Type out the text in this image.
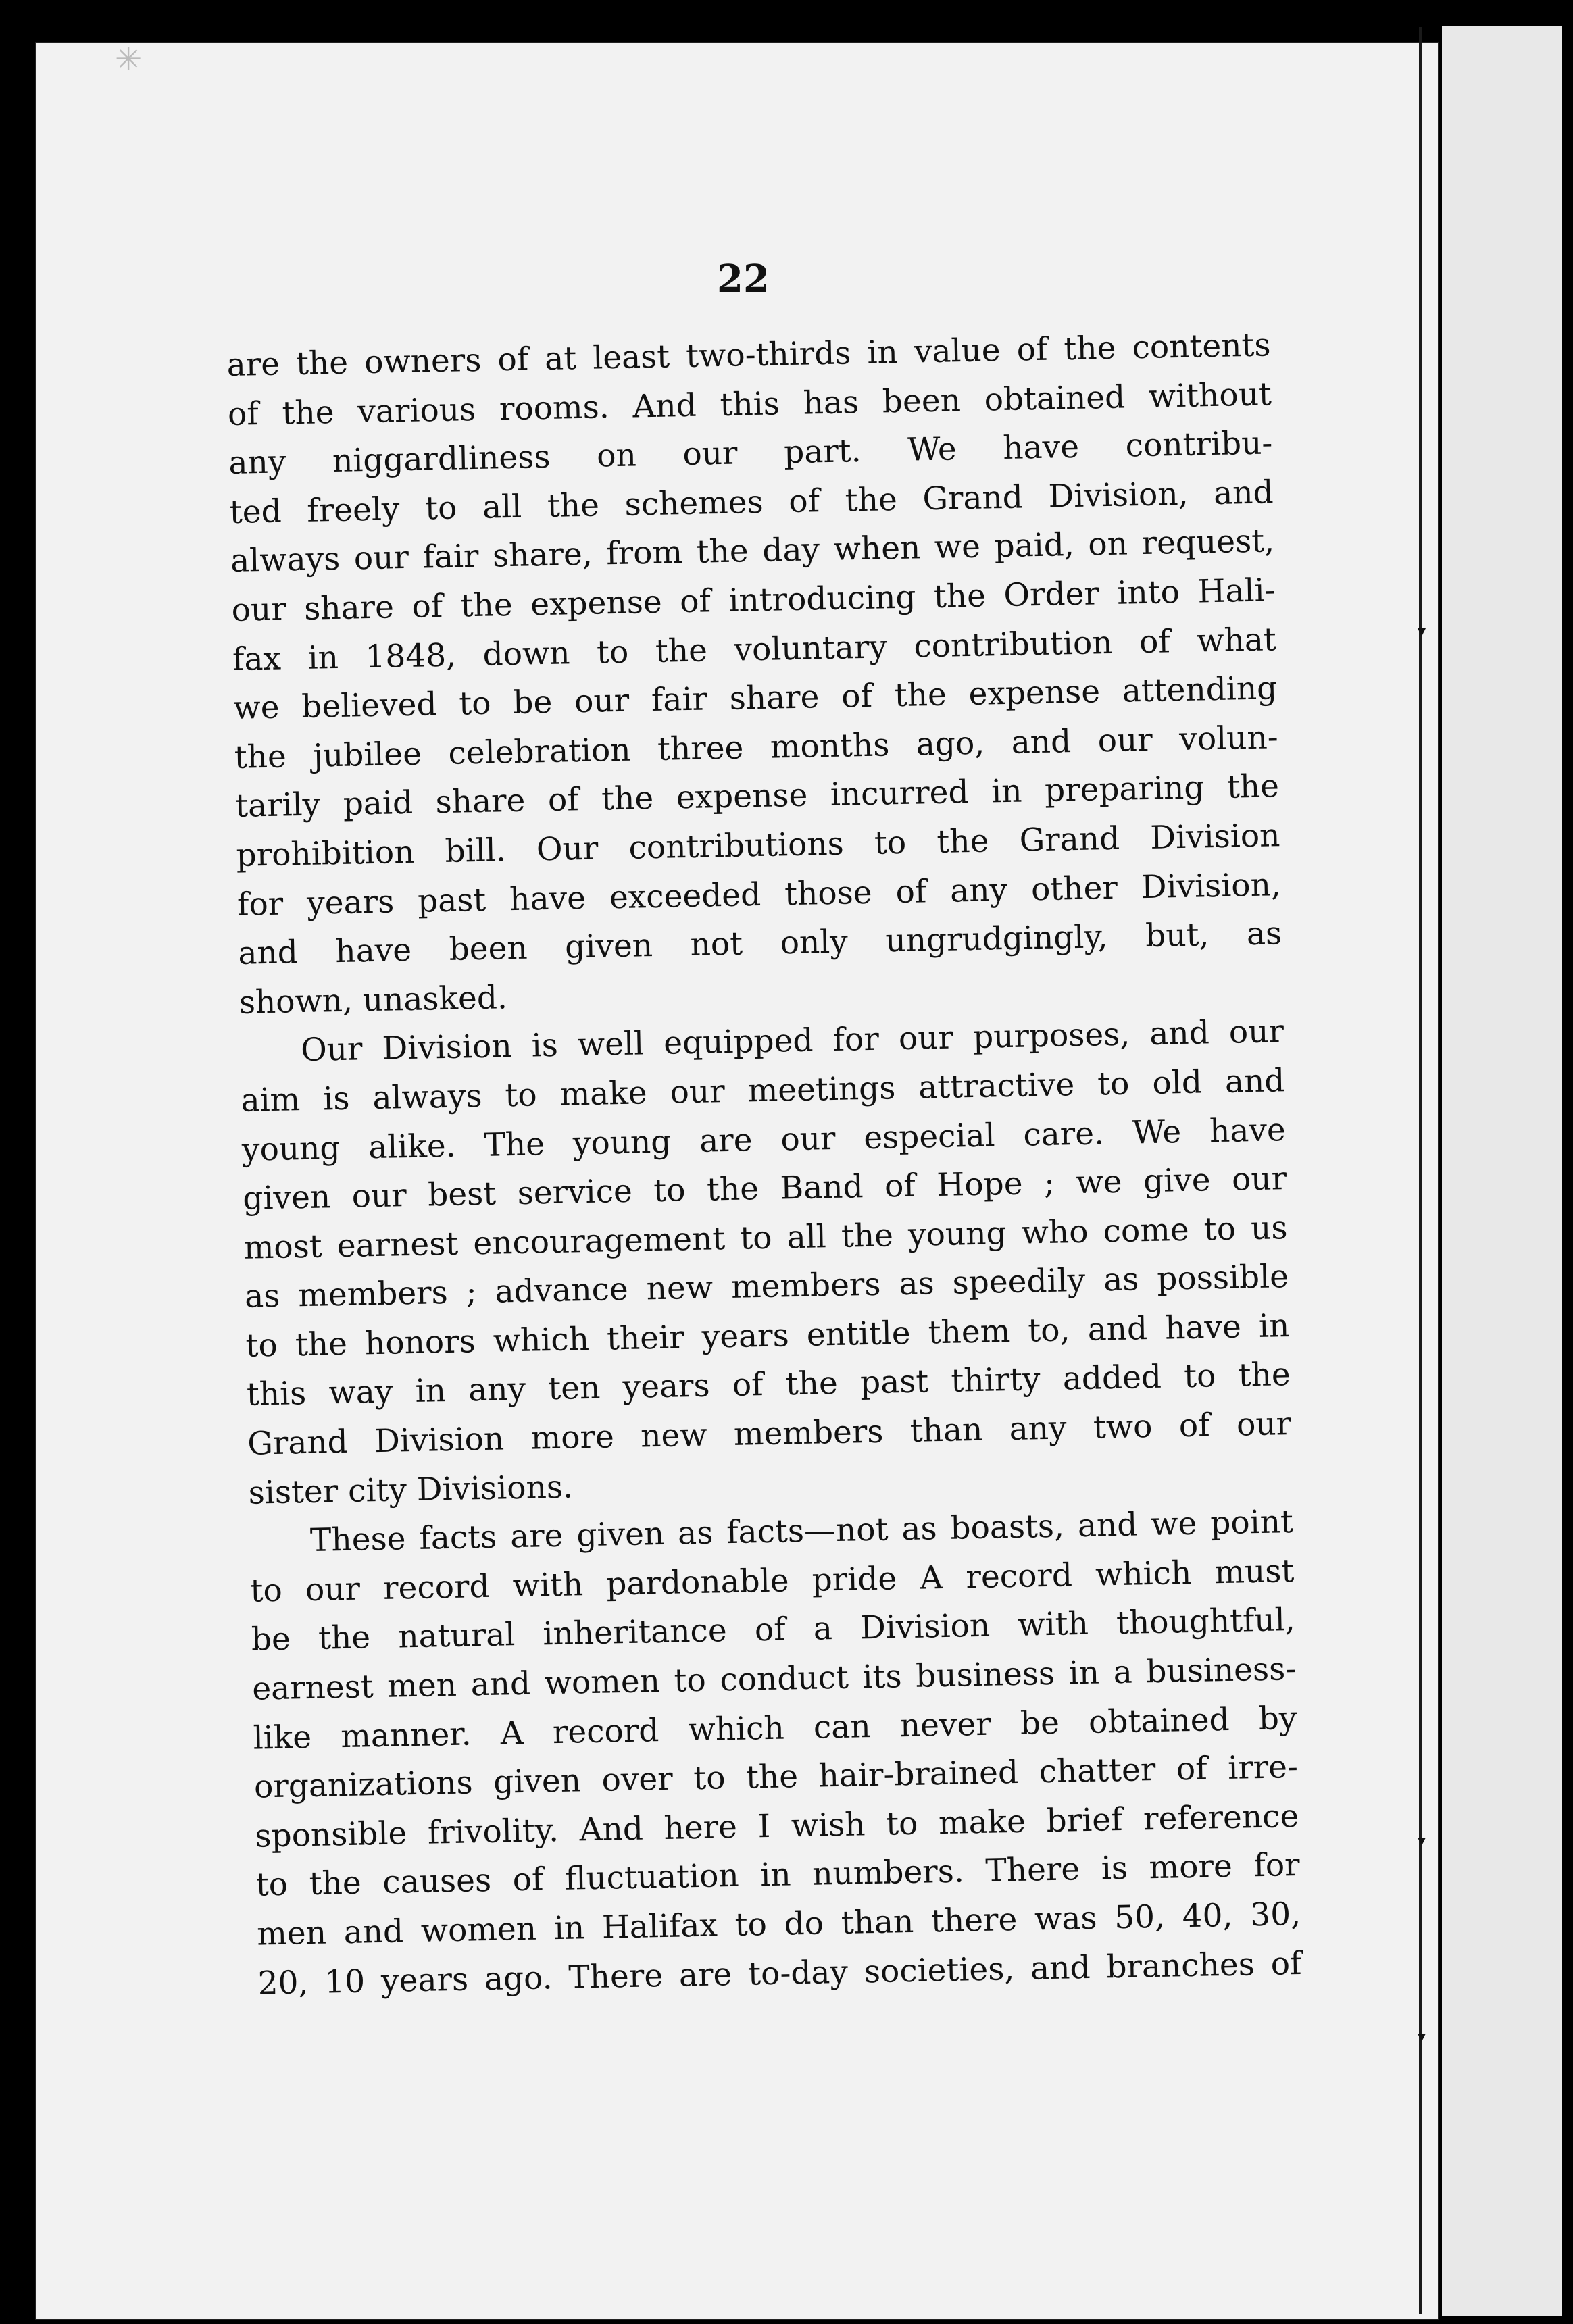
✳
22
are the owners of at least two-thirds in value of the contents
of the various rooms. And this has been obtained without
any niggardliness on our part. We have contribu-
ted freely to all the schemes of the Grand Division, and
always our fair share, from the day when we paid, on request,
our share of the expense of introducing the Order into Hali-
fax in 1848, down to the voluntary contribution of what
we believed to be our fair share of the expense attending
the jubilee celebration three months ago, and our volun-
tarily paid share of the expense incurred in preparing the
prohibition bill. Our contributions to the Grand Division
for years past have exceeded those of any other Division,
and have been given not only ungrudgingly, but, as
shown, unasked.
Our Division is well equipped for our purposes, and our
aim is always to make our meetings attractive to old and
young alike. The young are our especial care. We have
given our best service to the Band of Hope ; we give our
most earnest encouragement to all the young who come to us
as members ; advance new members as speedily as possible
to the honors which their years entitle them to, and have in
this way in any ten years of the past thirty added to the
Grand Division more new members than any two of our
sister city Divisions.
These facts are given as facts—not as boasts, and we point
to our record with pardonable pride A record which must
be the natural inheritance of a Division with thoughtful,
earnest men and women to conduct its business in a business-
like manner. A record which can never be obtained by
organizations given over to the hair-brained chatter of irre-
sponsible frivolity. And here I wish to make brief reference
to the causes of fluctuation in numbers. There is more for
men and women in Halifax to do than there was 50, 40, 30,
20, 10 years ago. There are to-day societies, and branches of
